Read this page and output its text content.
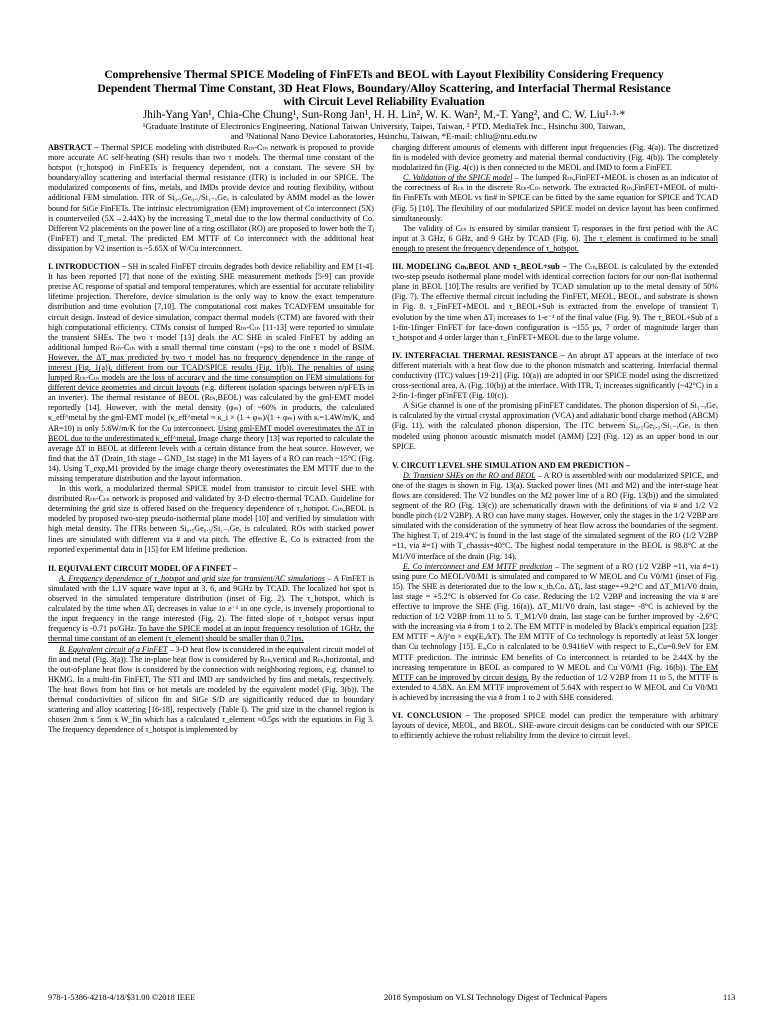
Comprehensive Thermal SPICE Modeling of FinFETs and BEOL with Layout Flexibility Considering Frequency
Dependent Thermal Time Constant, 3D Heat Flows, Boundary/Alloy Scattering, and Interfacial Thermal Resistance
with Circuit Level Reliability Evaluation
Jhih-Yang Yan¹, Chia-Che Chung¹, Sun-Rong Jan¹, H. H. Lin², W. K. Wan², M.-T. Yang², and C. W. Liu¹·³·*
¹Graduate Institute of Electronics Engineering, National Taiwan University, Taipei, Taiwan, ² PTD, MediaTek Inc., Hsinchu 300, Taiwan,
and ³National Nano Device Laboratories, Hsinchu, Taiwan, *E-mail: chliu@ntu.edu.tw

ABSTRACT – Thermal SPICE modeling with distributed Rₜₕ-Cₜₕ network is proposed to provide more accurate AC self-heating (SH) results than two τ models. The thermal time constant of the hotspot (τ_hotspot) in FinFETs is frequency dependent, not a constant. The severe SH by boundary/alloy scattering and interfacial thermal resistance (ITR) is included in our SPICE. The modularized components of fins, metals, and IMDs provide device and routing flexibility, without additional FEM simulation. ITR of Si₀.₅Ge₀.₅/Si₁₋ₓGeₓ is calculated by AMM model as the lower bound for SiGe FinFETs. The intrinsic electromigration (EM) improvement of Co interconnect (5X) is counterveiled (5X→2.44X) by the increasing T_metal due to the low thermal conductivity of Co. Different V2 placements on the power line of a ring oscillator (RO) are proposed to lower both the Tⱼ (FinFET) and T_metal. The predicted EM MTTF of Co interconnect with the additional heat dissipation by V2 insertion is ~5.65X of W/Cu interconnect.

I. INTRODUCTION – SH in scaled FinFET circuits degrades both device reliability and EM [1-4]. It has been reported [7] that none of the existing SHE measurement methods [5-9] can provide precise AC response of spatial and temporal temperatures, which are essential for accurate reliability lifetime projection. Therefore, device simulation is the only way to know the exact temperature distribution and time evolution [7,10]. The computational cost makes TCAD/FEM unsuitable for circuit design. Instead of device simulation, compact thermal models (CTM) are favored with their high computational efficiency. CTMs consist of lumped Rₜₕ-Cₜₕ [11-13] were reported to simulate the transient SHEs. The two τ model [13] deals the AC SHE in scaled FinFET by adding an additional lumped Rₜₕ-Cₜₕ with a small thermal time constant (~ps) to the one τ model of BSIM. However, the ΔT_max predicted by two τ model has no frequency dependence in the range of interest (Fig. 1(a)), different from our TCAD/SPICE results (Fig. 1(b)). The penalties of using lumped Rₜₕ-Cₜₕ models are the loss of accuracy and the time consumption on FEM simulations for different device geometries and circuit layouts (e.g. different isolation spacings between n/pFETs in an inverter). The thermal resistance of BEOL (Rₜₕ,BEOL) was calculated by the gml-EMT model reportedly [14]. However, with the metal density (φₘ) of ~60% in products, the calculated κ_eff^metal by the gml-EMT model (κ_eff^metal ≈ κ_i × (1 + φₘ)/(1 + φₘ) with κᵢ=1.4W/m/K, and AR=10) is only 5.6W/m/K for the Cu interconnect. Using gml-EMT model overestimates the ΔT in BEOL due to the underestimated κ_eff^metal. Image charge theory [13] was reported to calculate the average ΔT in BEOL at different levels with a certain distance from the heat source. However, we find that the ΔT (Drain_1th stage – GND_1st stage) in the M1 layers of a RO can reach ~15°C (Fig. 14). Using T_exp,M1 provided by the image charge theory overestimates the EM MTTF due to the missing temperature distribution and the layout information.

In this work, a modularized thermal SPICE model from transistor to circuit level SHE with distributed Rₜₕ-Cₜₕ network is proposed and validated by 3-D electro-thermal TCAD. Guideline for determining the grid size is offered based on the frequency dependence of τ_hotspot. Cₜₕ,BEOL is modeled by proposed two-step pseudo-isothermal plane model [10] and verified by simulation with high metal density. The ITRs between Si₀.₅Ge₀.₅/Si₁₋ₓGeₓ is calculated. ROs with stacked power lines are simulated with different via # and via pitch. The effective Eₐ Co is extracted from the reported experimental data in [15] for EM lifetime prediction.

II. EQUIVALENT CIRCUIT MODEL OF A FINFET –

A. Frequency dependence of τ_hotspot and grid size for transient/AC simulations – A FinFET is simulated with the 1.1V square wave input at 3, 6, and 9GHz by TCAD. The localized hot spot is observed in the simulated temperature distribution (inset of Fig. 2). The τ_hotspot, which is calculated by the time when ΔTⱼ decreases in value to e⁻¹ in one cycle, is inversely proportional to the input frequency in the range interested (Fig. 2). The fitted slope of τ_hotspot versus input frequency is -0.71 ps/GHz. To have the SPICE model at an input frequency resolution of 1GHz, the thermal time constant of an element (τ_element) should be smaller than 0.71ps.

B. Equivalent circuit of a FinFET – 3-D heat flow is considered in the equivalent circuit model of fin and metal (Fig. 3(a)). The in-plane heat flow is considered by Rₜₕ,vertical and Rₜₕ,horizontal, and the out-of-plane heat flow is considered by the connection with neighboring regions, e.g. channel to HKMG. In a multi-fin FinFET, The STI and IMD are sandwiched by fins and metals, respectively. The heat flows from hot fins or hot metals are modeled by the equivalent model (Fig. 3(b)). The thermal conductivities of silicon fin and SiGe S/D are significantly reduced due to boundary scattering and alloy scattering [16-18], respectively (Table I). The grid size in the channel region is chosen 2nm x 5nm x W_fin which has a calculated τ_element ≈0.5ps with the equations in Fig 3. The frequency dependence of τ_hotspot is implemented by

charging different amounts of elements with different input frequencies (Fig. 4(a)). The discretized fin is modeled with device geometry and material thermal conductivity (Fig. 4(b)). The completely modularized fin (Fig. 4(c)) is then connected to the MEOL and IMD to form a FinFET.

C. Validation of the SPICE model – The lumped Rₜₕ,FinFET+MEOL is chosen as an indicator of the correctness of Rₜₕ in the discrete Rₜₕ-Cₜₕ network. The extracted Rₜₕ,FinFET+MEOL of multi-fin FinFETs with MEOL vs fin# in SPICE can be fitted by the same equation for SPICE and TCAD (Fig. 5) [10]. The flexibility of our modularized SPICE model on device layout has been confirmed simultaneously.

The validity of Cₜₕ is ensured by similar transient Tⱼ responses in the first period with the AC input at 3 GHz, 6 GHz, and 9 GHz by TCAD (Fig. 6). The τ_element is confirmed to be small enough to present the frequency dependence of τ_hotspot.

III. MODELING Cₜₕ,BEOL AND τ_BEOL+sub – The Cₜₕ,BEOL is calculated by the extended two-step pseudo isothermal plane model with identical correction factors for our non-flat isothermal plane in BEOL [10].The results are verified by TCAD simulation up to the metal density of 50% (Fig. 7). The effective thermal circuit including the FinFET, MEOL, BEOL, and substrate is shown in Fig. 8. τ_FinFET+MEOL and τ_BEOL+Sub is extracted from the envelope of transient Tⱼ evolution by the time when ΔTⱼ increases to 1-e⁻¹ of the final value (Fig. 9). The τ_BEOL+Sub of a 1-fin-1finger FinFET for face-down configuration is ~155 μs, 7 order of magnitude larger than τ_hotspot and 4 order larger than τ_FinFET+MEOL due to the large volume.

IV. INTERFACIAL THERMAL RESISTANCE – An abrupt ΔT appears at the interface of two different materials with a heat flow due to the phonon mismatch and scattering. Interfacial thermal conductivity (ITC) values [19-21] (Fig. 10(a)) are adopted in our SPICE model using the discretized cross-sectional area, Aᵢ (Fig. 10(b)) at the interface. With ITR, Tⱼ increases significantly (~42°C) in a 2-fin-1-finger pFinFET (Fig. 10(c)).

A SiGe channel is one of the promising pFinFET candidates. The phonon dispersion of Si₁₋ₓGeₓ is calculated by the virtual crystal approximation (VCA) and adiabatic bond charge method (ABCM) (Fig. 11), with the calculated phonon dispersion, The ITC between Si₀.₅Ge₀.₅/Si₁₋ₓGeₓ is then modeled using phonon acoustic mismatch model (AMM) [22] (Fig. 12) as an upper bond in our SPICE.

V. CIRCUIT LEVEL SHE SIMULATION AND EM PREDICTION –

D. Transient SHEs on the RO and BEOL – A RO is assembled with our modularized SPICE, and one of the stages is shown in Fig. 13(a). Stacked power lines (M1 and M2) and the inter-stage heat flows are considered. The V2 bundles on the M2 power line of a RO (Fig. 13(b)) and the simulated segment of the RO (Fig. 13(c)) are schematically drawn with the definitions of via # and 1/2 V2 bundle pitch (1/2 V2BP). A RO can have many stages. However, only the stages in the 1/2 V2BP are simulated with the consideration of the symmetry of heat flow across the boundaries of the segment. The highest Tⱼ of 219.4°C is found in the last stage of the simulated segment of the RO (1/2 V2BP =11, via #=1) with T_chassis=40°C. The highest nodal temperature in the BEOL is 98.8°C at the M1/V0 interface of the drain (Fig. 14).

E. Co interconnect and EM MTTF prediction – The segment of a RO (1/2 V2BP =11, via #=1) using pure Co MEOL/V0/M1 is simulated and compared to W MEOL and Cu V0/M1 (inset of Fig. 15). The SHE is deteriorated due to the low κ_th,Co. ΔTⱼ, last stage=+9.2°C and ΔT_M1/V0 drain, last stage = +5.2°C is observed for Co case. Reducing the 1/2 V2BP and increasing the via # are effective to improve the SHE (Fig. 16(a)). ΔT_M1/V0 drain, last stage= -8°C is achieved by the reduction of 1/2 V2BP from 11 to 5. T_M1/V0 drain, last stage can be further improved by -2.6°C with the increasing via # from 1 to 2. The EM MTTF is modeled by Black's empirical equation [23]: EM MTTF = A/j^n × exp(Eₐ/kT). The EM MTTF of Co technology is reportedly at least 5X longer than Cu technology [15]. Eₐ,Co is calculated to be 0.9416eV with respect to Eₐ,Cu=0.9eV for EM MTTF prediction. The intrinsic EM benefits of Co interconnect is retarded to be 2.44X by the increasing temperature in BEOL as compared to W MEOL and Cu V0/M1 (Fig. 16(b)). The EM MTTF can be improved by circuit design. By the reduction of 1/2 V2BP from 11 to 5, the MTTF is extended to 4.58X. An EM MTTF improvement of 5.64X with respect to W MEOL and Cu V0/M1 is achieved by increasing the via # from 1 to 2 with SHE considered.

VI. CONCLUSION – The proposed SPICE model can predict the temperature with arbitrary layouts of device, MEOL, and BEOL. SHE-aware circuit designs can be conducted with our SPICE to efficiently achieve the robust reliability from the device to circuit level.

978-1-5386-4218-4/18/$31.00 ©2018 IEEE	2018 Symposium on VLSI Technology Digest of Technical Papers	113
